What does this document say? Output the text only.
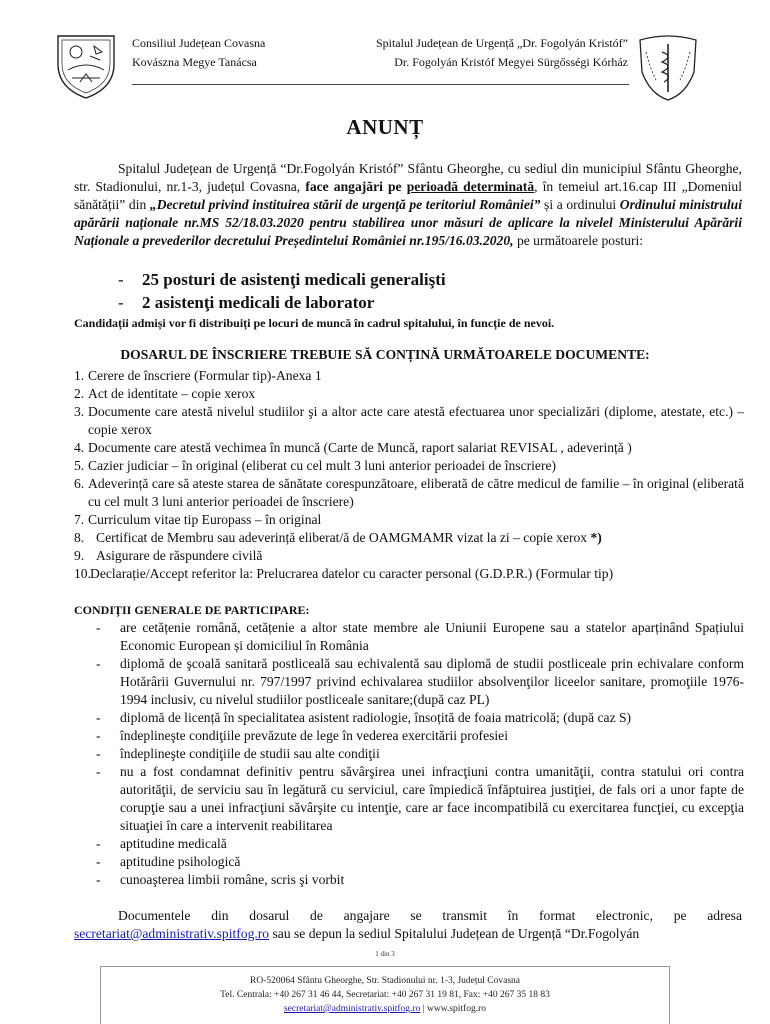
Consiliul Județean Covasna
Kovászna Megye Tanácsa
Spitalul Județean de Urgență „Dr. Fogolyán Kristóf”
Dr. Fogolyán Kristóf Megyei Sürgősségi Kórház
ANUNȚ
Spitalul Județean de Urgență “Dr.Fogolyán Kristóf” Sfântu Gheorghe, cu sediul din municipiul Sfântu Gheorghe, str. Stadionului, nr.1-3, județul Covasna, face angajări pe perioadă determinată, în temeiul art.16.cap III „Domeniul sănătății” din „Decretul privind instituirea stării de urgență pe teritoriul României” și a ordinului Ordinului ministrului apărării naționale nr.MS 52/18.03.2020 pentru stabilirea unor măsuri de aplicare la nivelel Ministerului Apărării Naționale a prevederilor decretului Președintelui României nr.195/16.03.2020, pe următoarele posturi:
- 25 posturi de asistenţi medicali generalişti
- 2 asistenţi medicali de laborator
Candidații admiși vor fi distribuiți pe locuri de muncă în cadrul spitalului, în funcție de nevoi.
DOSARUL DE ÎNSCRIERE TREBUIE SĂ CONȚINĂ URMĂTOARELE DOCUMENTE:
1. Cerere de înscriere (Formular tip)-Anexa 1
2. Act de identitate – copie xerox
3. Documente care atestă nivelul studiilor şi a altor acte care atestă efectuarea unor specializări (diplome, atestate, etc.) – copie xerox
4. Documente care atestă vechimea în muncă (Carte de Muncă, raport salariat REVISAL , adeverință )
5. Cazier judiciar – în original (eliberat cu cel mult 3 luni anterior perioadei de înscriere)
6. Adeverință care să ateste starea de sănătate corespunzătoare, eliberată de către medicul de familie – în original (eliberată cu cel mult 3 luni anterior perioadei de înscriere)
7. Curriculum vitae tip Europass – în original
8. Certificat de Membru sau adeverință eliberat/ă de OAMGMAMR vizat la zi – copie xerox *)
9. Asigurare de răspundere civilă
10. Declarație/Accept referitor la: Prelucrarea datelor cu caracter personal (G.D.P.R.) (Formular tip)
CONDIŢII GENERALE DE PARTICIPARE:
- are cetățenie română, cetățenie a altor state membre ale Uniunii Europene sau a statelor aparținând Spațiului Economic European și domiciliul în România
- diplomă de şcoală sanitară postliceală sau echivalentă sau diplomă de studii postliceale prin echivalare conform Hotărârii Guvernului nr. 797/1997 privind echivalarea studiilor absolvenţilor liceelor sanitare, promoţiile 1976-1994 inclusiv, cu nivelul studiilor postliceale sanitare;(după caz PL)
- diplomă de licență în specialitatea asistent radiologie, însoțită de foaia matricolă; (după caz S)
- îndeplineşte condiţiile prevăzute de lege în vederea exercitării profesiei
- îndeplineşte condiţiile de studii sau alte condiţii
- nu a fost condamnat definitiv pentru săvârşirea unei infracţiuni contra umanităţii, contra statului ori contra autorităţii, de serviciu sau în legătură cu serviciul, care împiedică înfăptuirea justiţiei, de fals ori a unor fapte de corupţie sau a unei infracţiuni săvârşite cu intenţie, care ar face incompatibilă cu exercitarea funcţiei, cu excepţia situaţiei în care a intervenit reabilitarea
- aptitudine medicală
- aptitudine psihologică
- cunoaşterea limbii române, scris şi vorbit
Documentele din dosarul de angajare se transmit în format electronic, pe adresa secretariat@administrativ.spitfog.ro sau se depun la sediul Spitalului Județean de Urgență “Dr.Fogolyán
1 din 3
RO-520064 Sfântu Gheorghe, Str. Stadionului nr. 1-3, Județul Covasna
Tel. Centrala: +40 267 31 46 44, Secretariat: +40 267 31 19 81, Fax: +40 267 35 18 83
secretariat@administrativ.spitfog.ro | www.spitfog.ro
